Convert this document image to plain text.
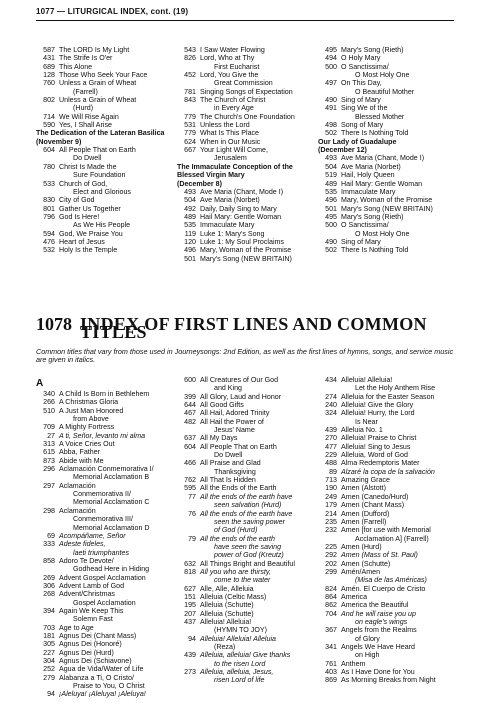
1077 — LITURGICAL INDEX, cont. (19)
587 The LORD Is My Light
431 The Strife Is O'er
689 This Alone
128 Those Who Seek Your Face
760 Unless a Grain of Wheat
(Farrell)
802 Unless a Grain of Wheat
(Hurd)
714 We Will Rise Again
590 Yes, I Shall Arise
The Dedication of the Lateran Basilica
(November 9)
604 All People That on Earth
Do Dwell
780 Christ Is Made the
Sure Foundation
533 Church of God,
Elect and Glorious
830 City of God
801 Gather Us Together
796 God Is Here!
As We His People
594 God, We Praise You
476 Heart of Jesus
532 Holy Is the Temple
543 I Saw Water Flowing
826 Lord, Who at Thy
First Eucharist
452 Lord, You Give the
Great Commission
781 Singing Songs of Expectation
843 The Church of Christ
in Every Age
779 The Church's One Foundation
531 Unless the Lord
779 What Is This Place
624 When in Our Music
667 Your Light Will Come,
Jerusalem
The Immaculate Conception of the
Blessed Virgin Mary
(December 8)
493 Ave Maria (Chant, Mode I)
504 Ave Maria (Norbet)
492 Daily, Daily Sing to Mary
489 Hail Mary: Gentle Woman
535 Immaculate Mary
119 Luke 1: Mary's Song
120 Luke 1: My Soul Proclaims
496 Mary, Woman of the Promise
501 Mary's Song (NEW BRITAIN)
495 Mary's Song (Rieth)
494 O Holy Mary
500 O Sanctissima/
O Most Holy One
497 On This Day,
O Beautiful Mother
490 Sing of Mary
491 Sing We of the
Blessed Mother
498 Song of Mary
502 There Is Nothing Told
Our Lady of Guadalupe
(December 12)
493 Ave Maria (Chant, Mode I)
504 Ave Maria (Norbet)
519 Hail, Holy Queen
489 Hail Mary: Gentle Woman
535 Immaculate Mary
496 Mary, Woman of the Promise
501 Mary's Song (NEW BRITAIN)
495 Mary's Song (Rieth)
500 O Sanctissima/
O Most Holy One
490 Sing of Mary
502 There Is Nothing Told
1078 INDEX OF FIRST LINES AND COMMON TITLES
Common titles that vary from those used in Journeysongs: 2nd Edition, as well as the first lines of hymns, songs, and service music are given in italics.
A
340 A Child Is Born in Bethlehem
266 A Christmas Gloria
510 A Just Man Honored
from Above
709 A Mighty Fortress
27 A ti, Señor, levanto mi alma
313 A Voice Cries Out
615 Abba, Father
873 Abide with Me
296 Aclamación Conmemorativa I/
Memorial Acclamation B
297 Aclamación
Conmemorativa II/
Memorial Acclamation C
298 Aclamación
Conmemorativa III/
Memorial Acclamation D
69 Acompáñame, Señor
333 Adeste fideles,
laeti triumphantes
858 Adoro Te Devote/
Godhead Here in Hiding
269 Advent Gospel Acclamation
306 Advent Lamb of God
268 Advent/Christmas
Gospel Acclamation
394 Again We Keep This
Solemn Fast
703 Age to Age
181 Agnus Dei (Chant Mass)
305 Agnus Dei (Honoré)
227 Agnus Dei (Hurd)
304 Agnus Dei (Schiavone)
252 Agua de Vida/Water of Life
279 Alabanza a Ti, O Cristo/
Praise to You, O Christ
94 ¡Aleluya! ¡Aleluya! ¡Aleluya!
600 All Creatures of Our God
and King
399 All Glory, Laud and Honor
644 All Good Gifts
467 All Hail, Adored Trinity
482 All Hail the Power of
Jesus' Name
637 All My Days
604 All People That on Earth
Do Dwell
466 All Praise and Glad
Thanksgiving
762 All That Is Hidden
595 All the Ends of the Earth
77 All the ends of the earth have
seen salvation (Hurd)
76 All the ends of the earth have
seen the saving power
of God (Hurd)
79 All the ends of the earth
have seen the saving
power of God (Kreutz)
632 All Things Bright and Beautiful
818 All you who are thirsty,
come to the water
627 Alle, Alle, Alleluia
151 Alleluia (Celtic Mass)
195 Alleluia (Schutte)
207 Alleluia (Schutte)
437 Alleluia! Alleluia!
(HYMN TO JOY)
94 Alleluia! Alleluia! Alleluia
(Reza)
439 Alleluia, alleluia! Give thanks
to the risen Lord
273 Alleluia, alleluia, Jesus,
risen Lord of life
434 Alleluia! Alleluia!
Let the Holy Anthem Rise
274 Alleluia for the Easter Season
240 Alleluia! Give the Glory
324 Alleluia! Hurry, the Lord
Is Near
439 Alleluia No. 1
270 Alleluia! Praise to Christ
477 Alleluia! Sing to Jesus
229 Alleluia, Word of God
488 Alma Redemptoris Mater
89 Alzaré la copa de la salvación
713 Amazing Grace
190 Amen (Alstott)
249 Amen (Canedo/Hurd)
179 Amen (Chant Mass)
214 Amen (Dufford)
235 Amen (Farrell)
232 Amen [for use with Memorial
Acclamation A] (Farrell)
225 Amen (Hurd)
292 Amen (Mass of St. Paul)
202 Amen (Schutte)
299 Amén/Amen
(Misa de las Américas)
824 Amén. El Cuerpo de Cristo
864 America
862 America the Beautiful
704 And he will raise you up
on eagle's wings
367 Angels from the Realms
of Glory
341 Angels We Have Heard
on High
761 Anthem
403 As I Have Done for You
869 As Morning Breaks from Night
